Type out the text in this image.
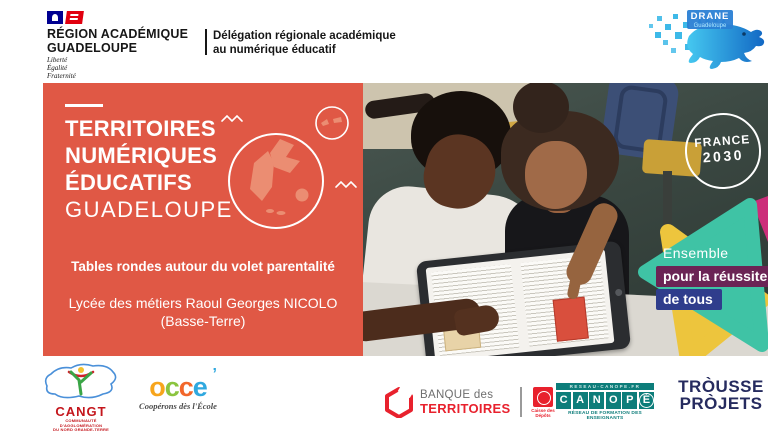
RÉGION ACADÉMIQUE
GUADELOUPE
Liberté
Égalité
Fraternité
Délégation régionale académique
au numérique éducatif
DRANE
Guadeloupe
TERRITOIRES
NUMÉRIQUES
ÉDUCATIFS
GUADELOUPE
Tables rondes autour du volet parentalité
Lycée des métiers Raoul Georges NICOLO
(Basse-Terre)
FRANCE
2030
Ensemble
pour la réussite
de tous
CANGT
COMMUNAUTÉ
D'AGGLOMÉRATION
DU NORD GRANDE-TERRE
occe ’
Coopérons dès l'École
BANQUE des
TERRITOIRES	Caisse des Dépôts
RESEAU-CANOPE.FR
C A N O P É
RÉSEAU DE FORMATION DES ENSEIGNANTS
TRÒUSSE
PRÒJETS
